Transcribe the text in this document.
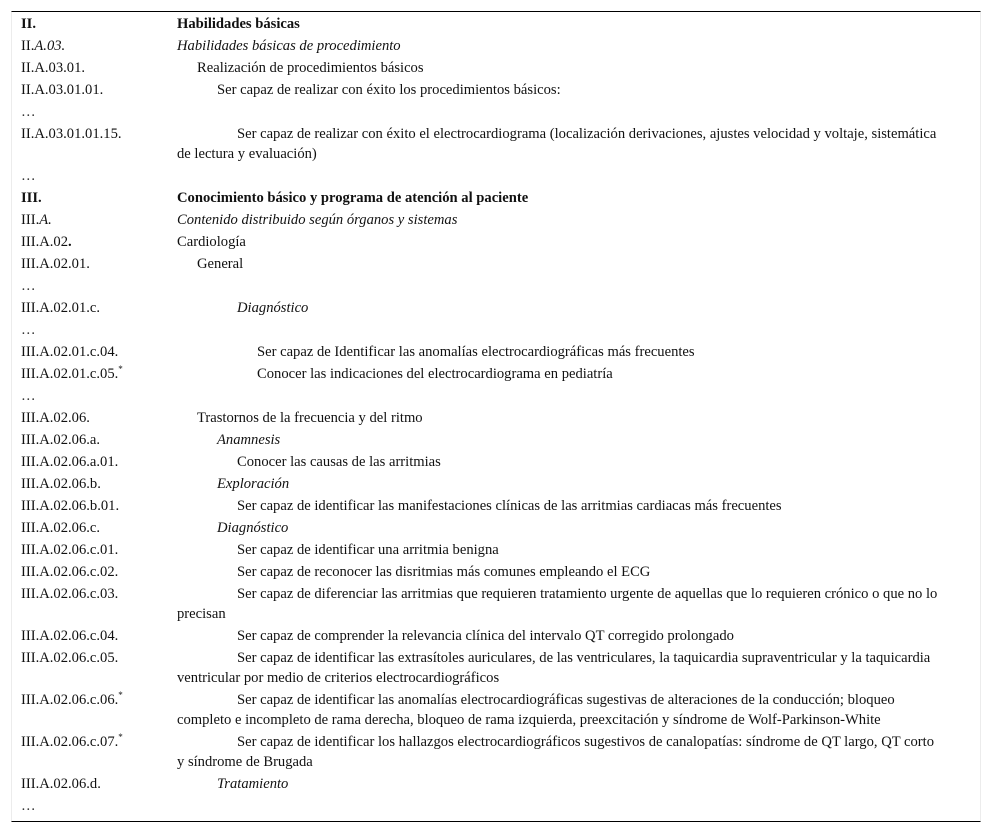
II.	Habilidades básicas
II.A.03.	Habilidades básicas de procedimiento
II.A.03.01.	Realización de procedimientos básicos
II.A.03.01.01.	Ser capaz de realizar con éxito los procedimientos básicos:
…	
II.A.03.01.01.15.	Ser capaz de realizar con éxito el electrocardiograma (localización derivaciones, ajustes velocidad y voltaje, sistemática de lectura y evaluación)
…	
III.	Conocimiento básico y programa de atención al paciente
III.A.	Contenido distribuido según órganos y sistemas
III.A.02.	Cardiología
III.A.02.01.	General
…	
III.A.02.01.c.	Diagnóstico
…	
III.A.02.01.c.04.	Ser capaz de Identificar las anomalías electrocardiográficas más frecuentes
III.A.02.01.c.05.*	Conocer las indicaciones del electrocardiograma en pediatría
…	
III.A.02.06.	Trastornos de la frecuencia y del ritmo
III.A.02.06.a.	Anamnesis
III.A.02.06.a.01.	Conocer las causas de las arritmias
III.A.02.06.b.	Exploración
III.A.02.06.b.01.	Ser capaz de identificar las manifestaciones clínicas de las arritmias cardiacas más frecuentes
III.A.02.06.c.	Diagnóstico
III.A.02.06.c.01.	Ser capaz de identificar una arritmia benigna
III.A.02.06.c.02.	Ser capaz de reconocer las disritmias más comunes empleando el ECG
III.A.02.06.c.03.	Ser capaz de diferenciar las arritmias que requieren tratamiento urgente de aquellas que lo requieren crónico o que no lo precisan
III.A.02.06.c.04.	Ser capaz de comprender la relevancia clínica del intervalo QT corregido prolongado
III.A.02.06.c.05.	Ser capaz de identificar las extrasítoles auriculares, de las ventriculares, la taquicardia supraventricular y la taquicardia ventricular por medio de criterios electrocardiográficos
III.A.02.06.c.06.*	Ser capaz de identificar las anomalías electrocardiográficas sugestivas de alteraciones de la conducción; bloqueo completo e incompleto de rama derecha, bloqueo de rama izquierda, preexcitación y síndrome de Wolf-Parkinson-White
III.A.02.06.c.07.*	Ser capaz de identificar los hallazgos electrocardiográficos sugestivos de canalopatías: síndrome de QT largo, QT corto y síndrome de Brugada
III.A.02.06.d.	Tratamiento
…	
